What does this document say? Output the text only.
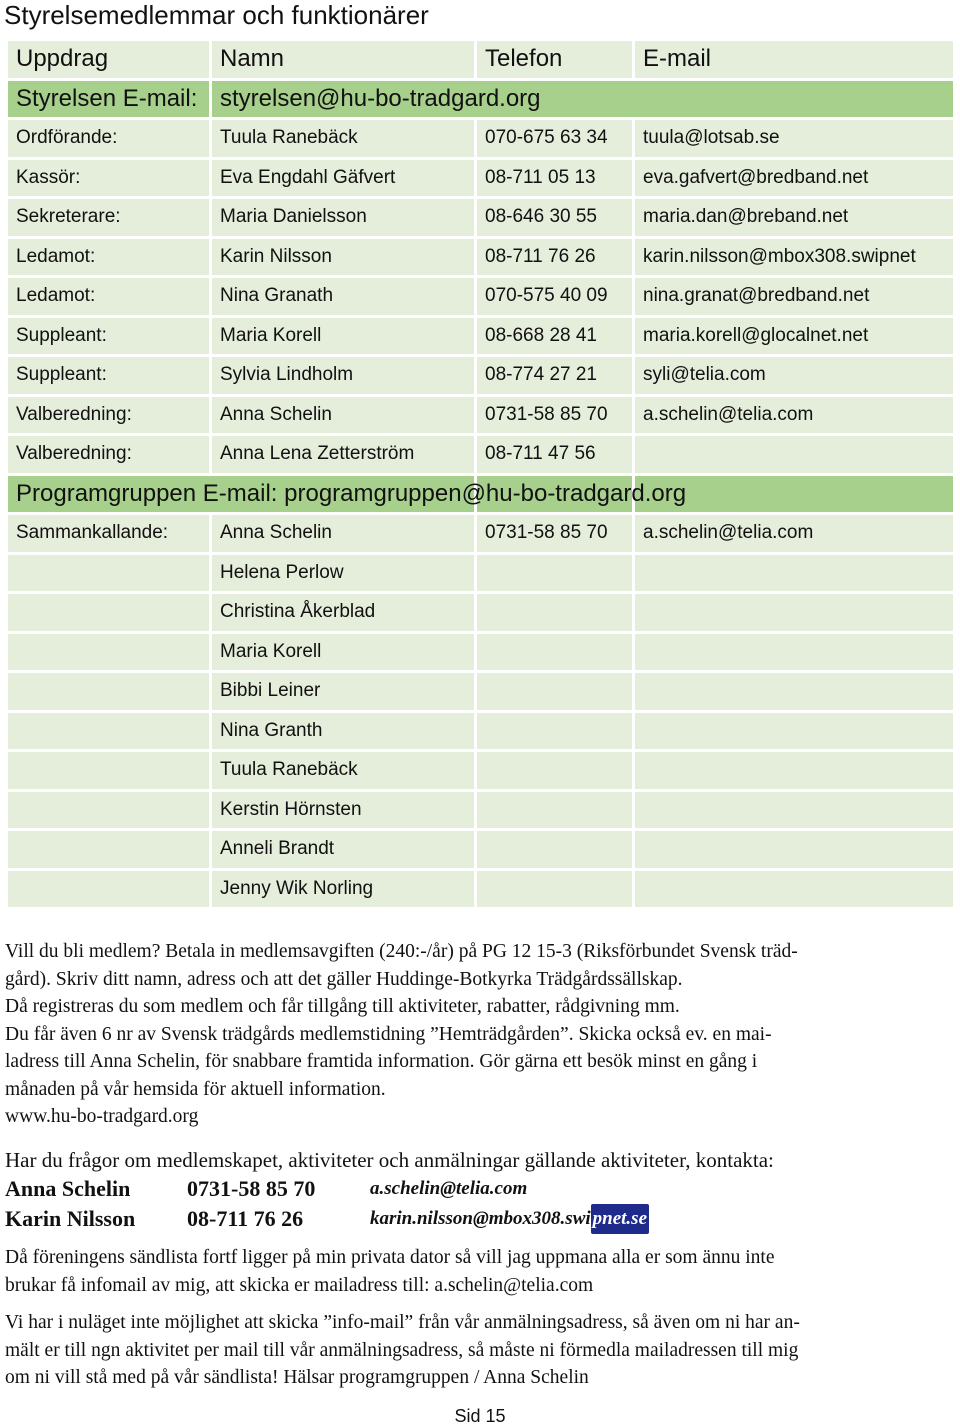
Styrelsemedlemmar och funktionärer
Uppdrag	Namn	Telefon	E-mail
Styrelsen E-mail:	styrelsen@hu-bo-tradgard.org		
Ordförande:	Tuula Ranebäck	070-675 63 34	tuula@lotsab.se
Kassör:	Eva Engdahl Gäfvert	08-711 05 13	eva.gafvert@bredband.net
Sekreterare:	Maria Danielsson	08-646 30 55	maria.dan@breband.net
Ledamot:	Karin Nilsson	08-711 76 26	karin.nilsson@mbox308.swipnet
Ledamot:	Nina Granath	070-575 40 09	nina.granat@bredband.net
Suppleant:	Maria Korell	08-668 28 41	maria.korell@glocalnet.net
Suppleant:	Sylvia Lindholm	08-774 27 21	syli@telia.com
Valberedning:	Anna Schelin	0731-58 85 70	a.schelin@telia.com
Valberedning:	Anna Lena Zetterström	08-711 47 56	
Programgruppen E-mail: programgruppen@hu-bo-tradgard.org			
Sammankallande:	Anna Schelin	0731-58 85 70	a.schelin@telia.com
	Helena Perlow		
	Christina Åkerblad		
	Maria Korell		
	Bibbi Leiner		
	Nina Granth		
	Tuula Ranebäck		
	Kerstin Hörnsten		
	Anneli Brandt		
	Jenny Wik Norling		

Vill du bli medlem? Betala in medlemsavgiften (240:-/år) på PG 12 15-3 (Riksförbundet Svensk träd-

gård). Skriv ditt namn, adress och att det gäller Huddinge-Botkyrka Trädgårdssällskap.

Då registreras du som medlem och får tillgång till aktiviteter, rabatter, rådgivning mm.

Du får även 6 nr av Svensk trädgårds medlemstidning ”Hemträdgården”. Skicka också ev. en mai-

ladress till Anna Schelin, för snabbare framtida information. Gör gärna ett besök minst en gång i

månaden på vår hemsida för aktuell information.

www.hu-bo-tradgard.org

Har du frågor om medlemskapet, aktiviteter och anmälningar gällande aktiviteter, kontakta:

Anna Schelin	0731-58 85 70	a.schelin@telia.com
Karin Nilsson	08-711 76 26	karin.nilsson@mbox308.swi pnet.se

Då föreningens sändlista fortf ligger på min privata dator så vill jag uppmana alla er som ännu inte

brukar få infomail av mig, att skicka er mailadress till: a.schelin@telia.com

Vi har i nuläget inte möjlighet att skicka ”info-mail” från vår anmälningsadress, så även om ni har an-

mält er till ngn aktivitet per mail till vår anmälningsadress, så måste ni förmedla mailadressen till mig

om ni vill stå med på vår sändlista! Hälsar programgruppen / Anna Schelin

Sid 15
